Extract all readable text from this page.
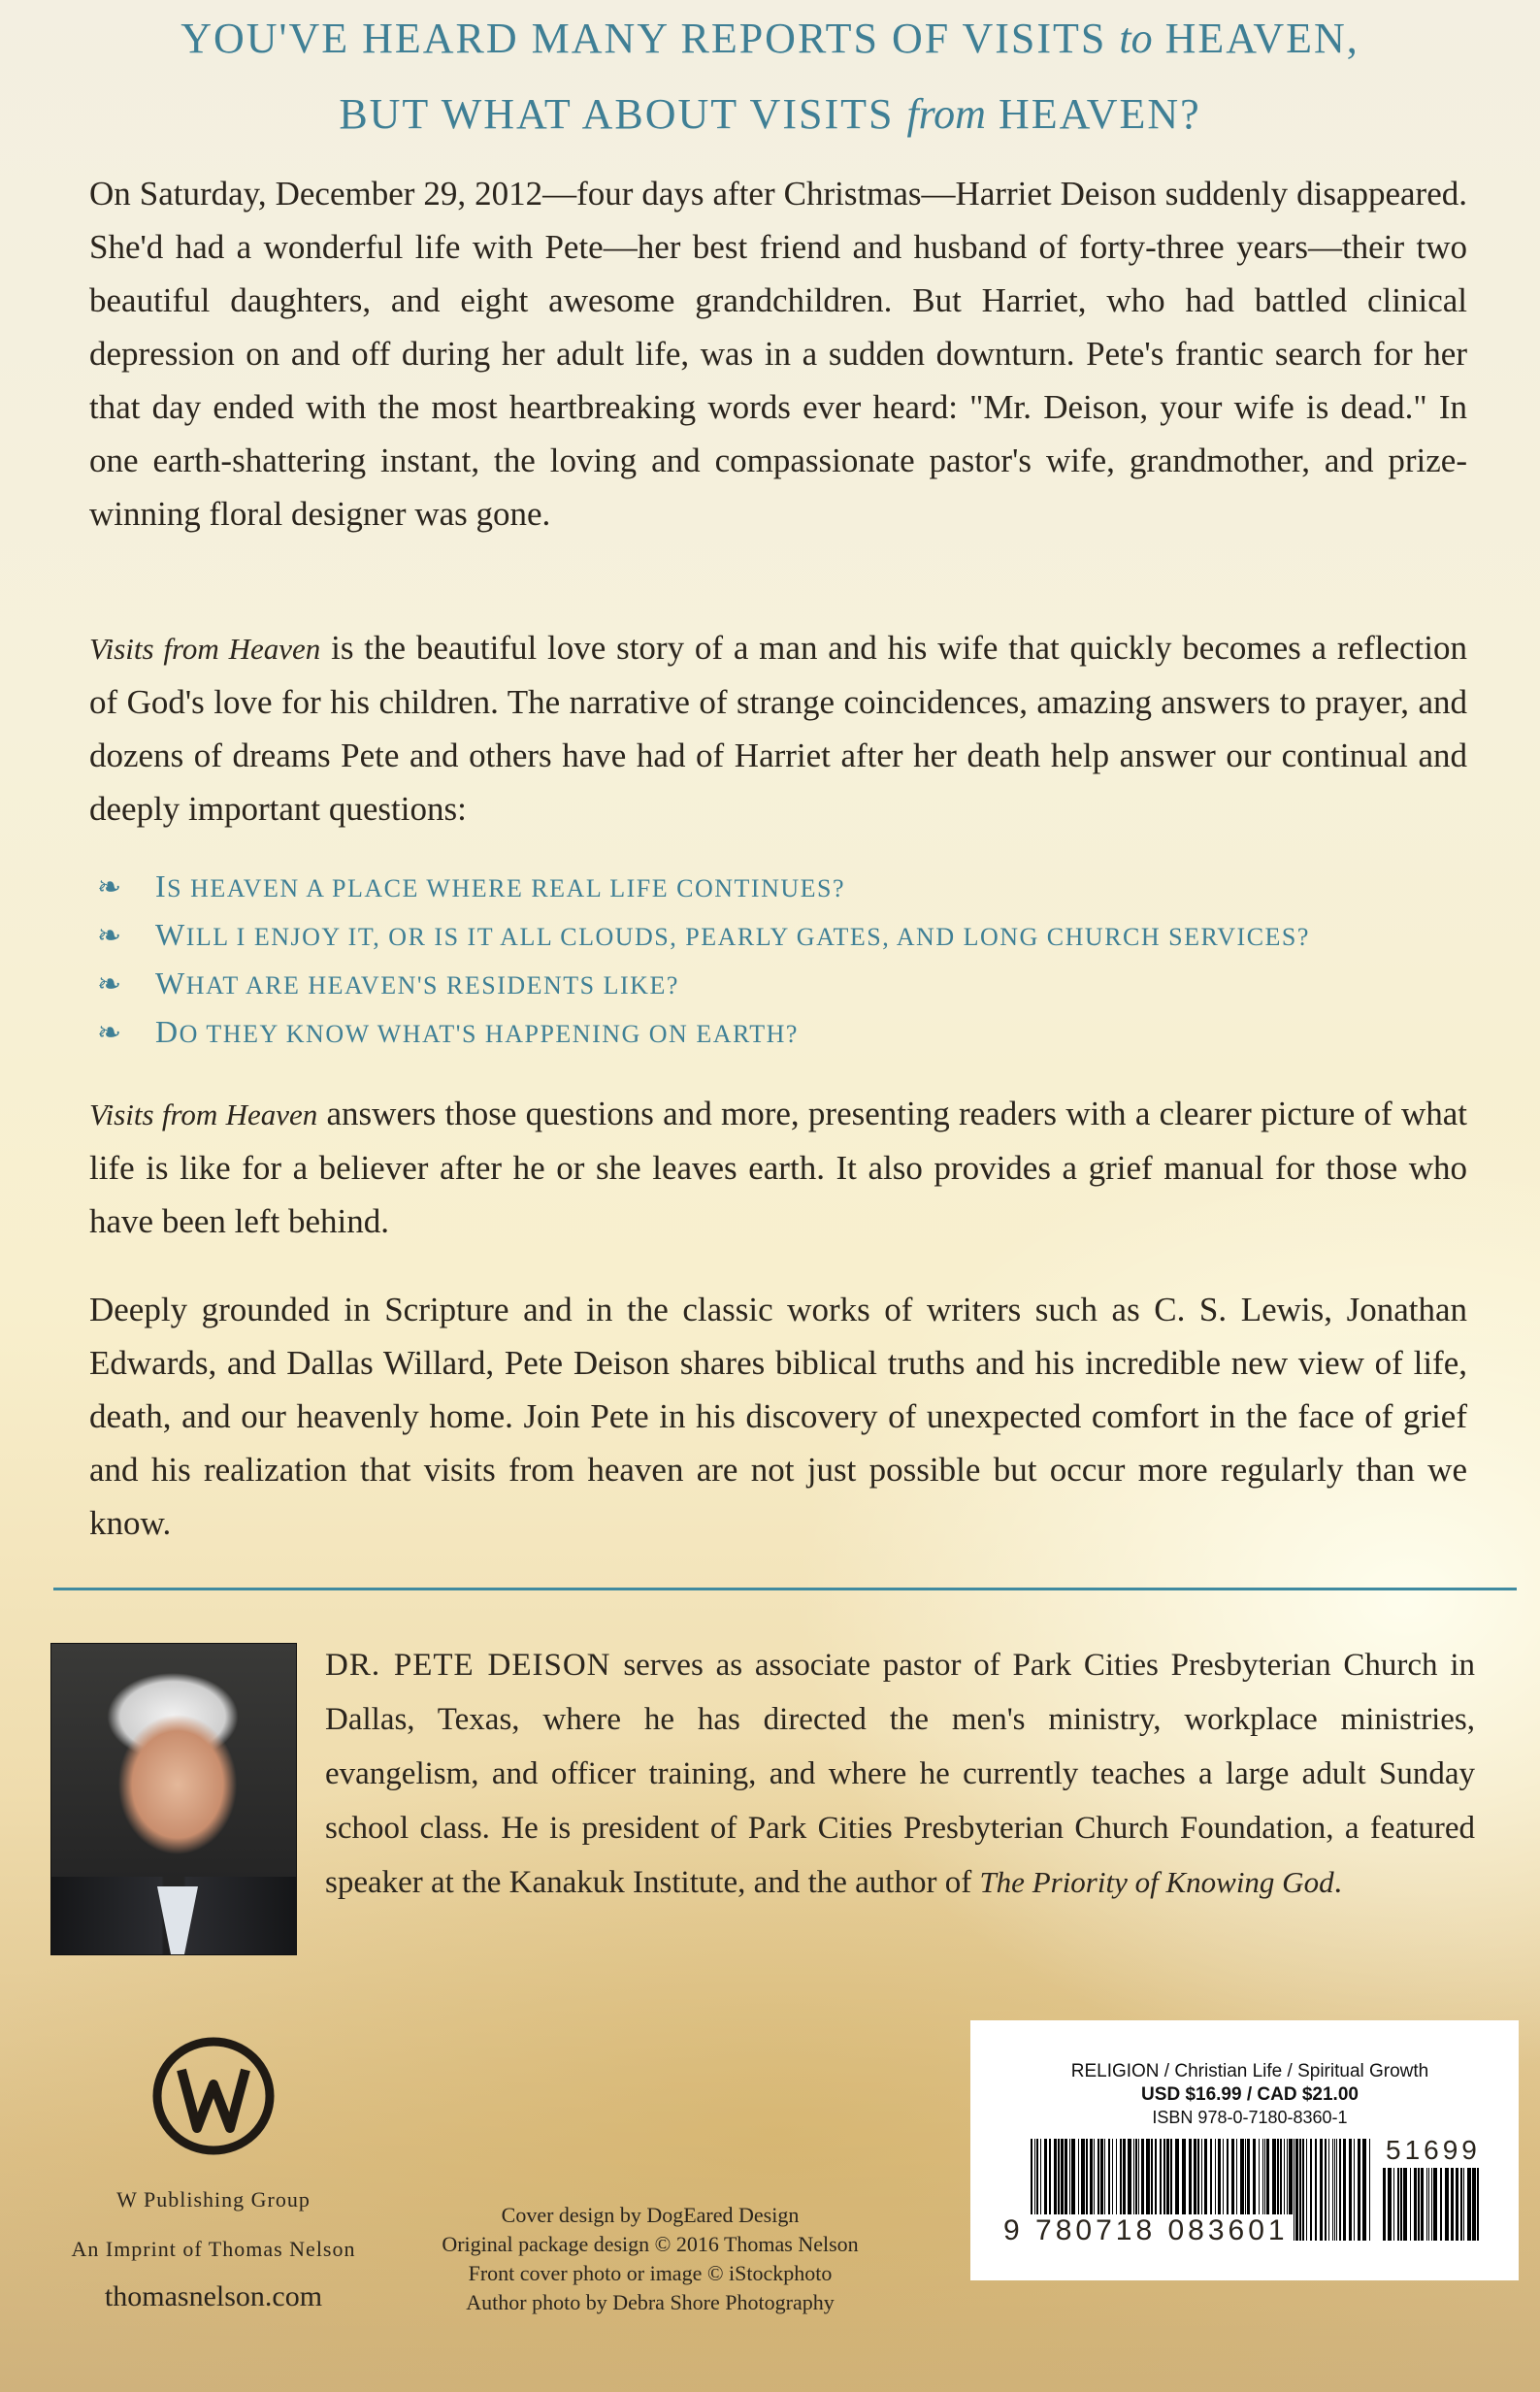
YOU'VE HEARD MANY REPORTS OF VISITS to HEAVEN,
BUT WHAT ABOUT VISITS from HEAVEN?

On Saturday, December 29, 2012—four days after Christmas—Harriet Deison suddenly disappeared. She'd had a wonderful life with Pete—her best friend and husband of forty-three years—their two beautiful daughters, and eight awesome grandchildren. But Harriet, who had battled clinical depression on and off during her adult life, was in a sudden downturn. Pete's frantic search for her that day ended with the most heartbreaking words ever heard: "Mr. Deison, your wife is dead." In one earth-shattering instant, the loving and compassionate pastor's wife, grandmother, and prize-winning floral designer was gone.

Visits from Heaven is the beautiful love story of a man and his wife that quickly becomes a reflection of God's love for his children. The narrative of strange coincidences, amazing answers to prayer, and dozens of dreams Pete and others have had of Harriet after her death help answer our continual and deeply important questions:

❧ IS HEAVEN A PLACE WHERE REAL LIFE CONTINUES?
❧ WILL I ENJOY IT, OR IS IT ALL CLOUDS, PEARLY GATES, AND LONG CHURCH SERVICES?
❧ WHAT ARE HEAVEN'S RESIDENTS LIKE?
❧ DO THEY KNOW WHAT'S HAPPENING ON EARTH?

Visits from Heaven answers those questions and more, presenting readers with a clearer picture of what life is like for a believer after he or she leaves earth. It also provides a grief manual for those who have been left behind.

Deeply grounded in Scripture and in the classic works of writers such as C. S. Lewis, Jonathan Edwards, and Dallas Willard, Pete Deison shares biblical truths and his incredible new view of life, death, and our heavenly home. Join Pete in his discovery of unexpected comfort in the face of grief and his realization that visits from heaven are not just possible but occur more regularly than we know.

DR. PETE DEISON serves as associate pastor of Park Cities Presbyterian Church in Dallas, Texas, where he has directed the men's ministry, workplace ministries, evangelism, and officer training, and where he currently teaches a large adult Sunday school class. He is president of Park Cities Presbyterian Church Foundation, a featured speaker at the Kanakuk Institute, and the author of The Priority of Knowing God.

W Publishing Group
An Imprint of Thomas Nelson
thomasnelson.com
Cover design by DogEared Design
Original package design © 2016 Thomas Nelson
Front cover photo or image © iStockphoto
Author photo by Debra Shore Photography
RELIGION / Christian Life / Spiritual Growth
USD $16.99 / CAD $21.00
ISBN 978-0-7180-8360-1
9 780718 083601
51699
